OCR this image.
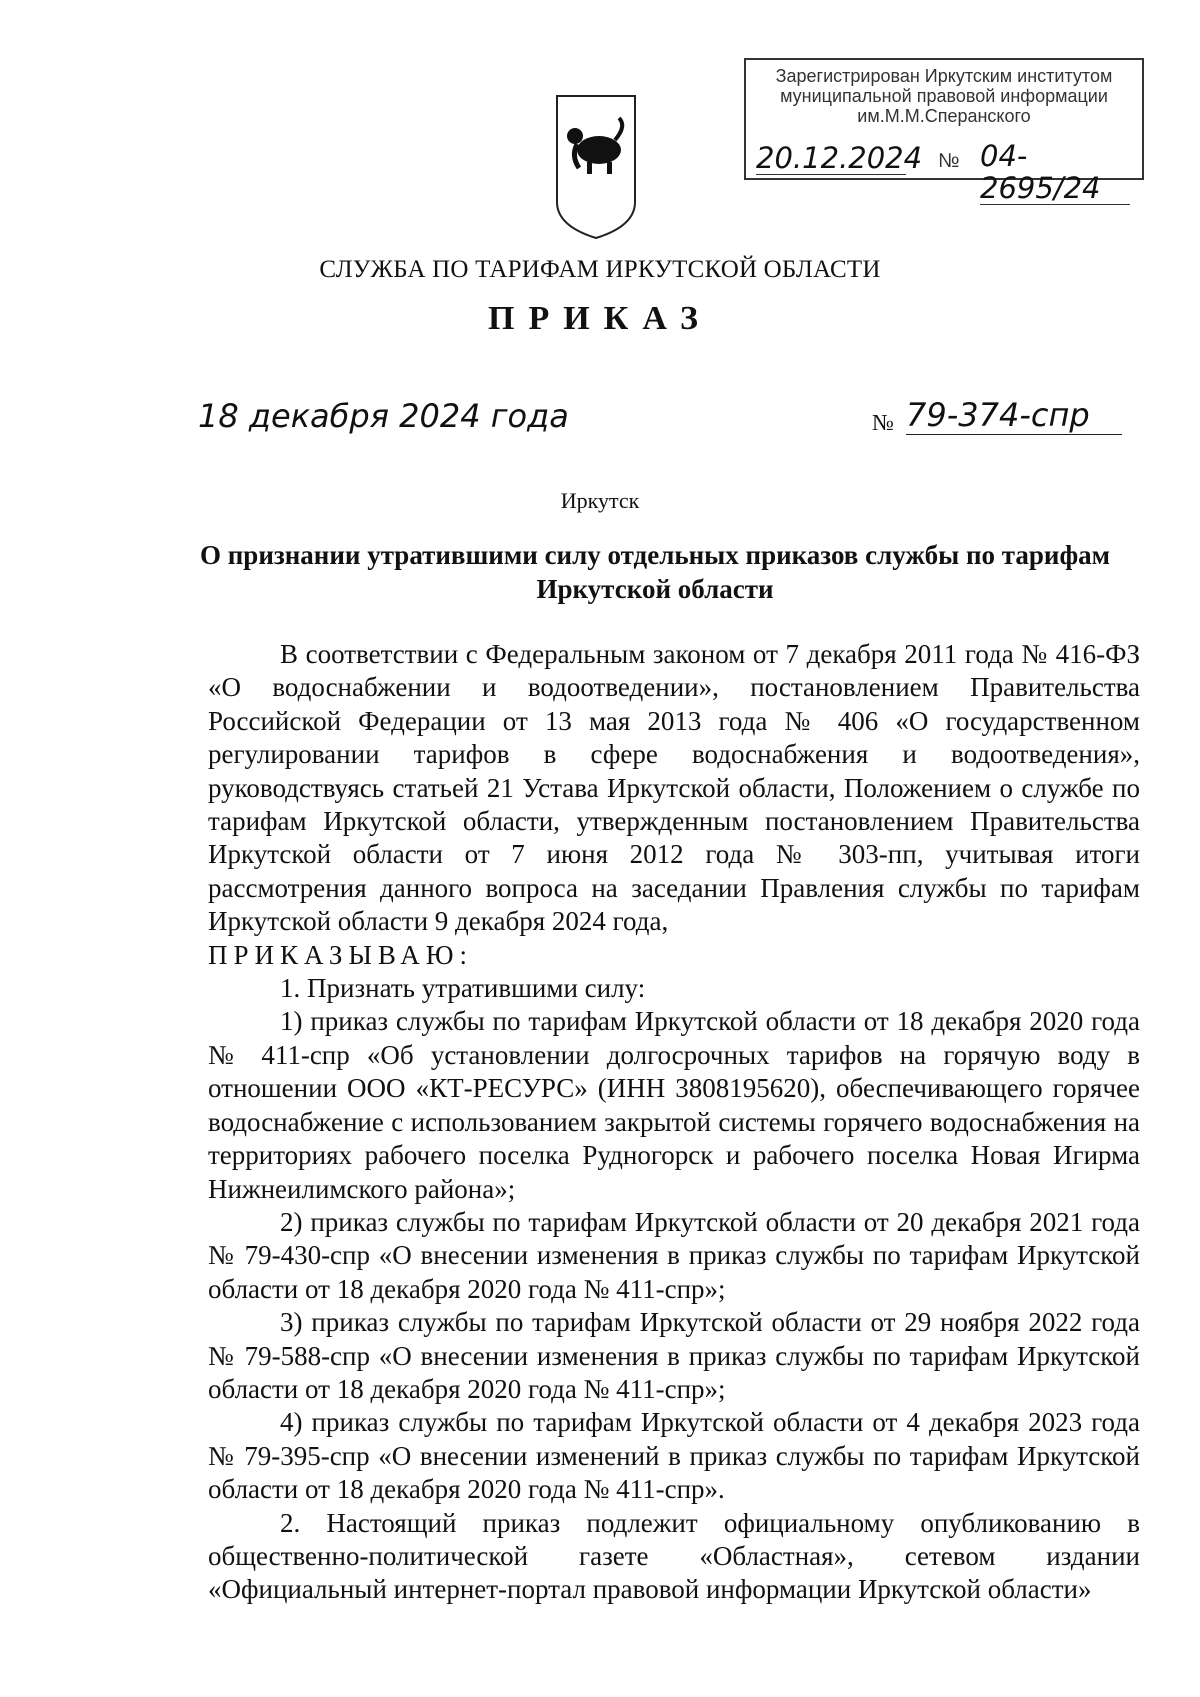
Зарегистрирован Иркутским институтом
муниципальной правовой информации
им.М.М.Сперанского
20.12.2024 № 04-2695/24
СЛУЖБА ПО ТАРИФАМ ИРКУТСКОЙ ОБЛАСТИ
ПРИКАЗ
18 декабря 2024 года	№ 79-374-спр
Иркутск
О признании утратившими силу отдельных приказов службы по тарифам Иркутской области

В соответствии с Федеральным законом от 7 декабря 2011 года № 416-ФЗ «О водоснабжении и водоотведении», постановлением Правительства Российской Федерации от 13 мая 2013 года № 406 «О государственном регулировании тарифов в сфере водоснабжения и водоотведения», руководствуясь статьей 21 Устава Иркутской области, Положением о службе по тарифам Иркутской области, утвержденным постановлением Правительства Иркутской области от 7 июня 2012 года № 303-пп, учитывая итоги рассмотрения данного вопроса на заседании Правления службы по тарифам Иркутской области 9 декабря 2024 года,

ПРИКАЗЫВАЮ:

1. Признать утратившими силу:

1) приказ службы по тарифам Иркутской области от 18 декабря 2020 года № 411-спр «Об установлении долгосрочных тарифов на горячую воду в отношении ООО «КТ-РЕСУРС» (ИНН 3808195620), обеспечивающего горячее водоснабжение с использованием закрытой системы горячего водоснабжения на территориях рабочего поселка Рудногорск и рабочего поселка Новая Игирма Нижнеилимского района»;

2) приказ службы по тарифам Иркутской области от 20 декабря 2021 года № 79-430-спр «О внесении изменения в приказ службы по тарифам Иркутской области от 18 декабря 2020 года № 411-спр»;

3) приказ службы по тарифам Иркутской области от 29 ноября 2022 года № 79-588-спр «О внесении изменения в приказ службы по тарифам Иркутской области от 18 декабря 2020 года № 411-спр»;

4) приказ службы по тарифам Иркутской области от 4 декабря 2023 года № 79-395-спр «О внесении изменений в приказ службы по тарифам Иркутской области от 18 декабря 2020 года № 411-спр».

2. Настоящий приказ подлежит официальному опубликованию в общественно-политической газете «Областная», сетевом издании «Официальный интернет-портал правовой информации Иркутской области»
